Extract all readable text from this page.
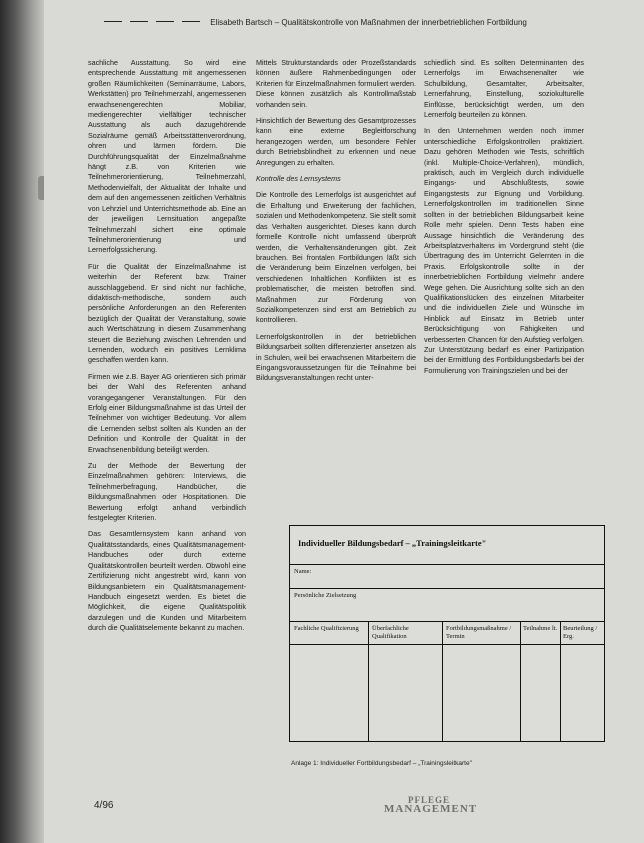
Elisabeth Bartsch – Qualitätskontrolle von Maßnahmen der innerbetrieblichen Fortbildung

sachliche Ausstattung. So wird eine entsprechende Ausstattung mit angemessenen großen Räumlichkeiten (Seminarräume, Labors, Werkstätten) pro Teilnehmerzahl, angemessenen erwachsenengerechten Mobiliar, mediengerechter vielfältiger technischer Ausstattung als auch dazugehörende Sozialräume gemäß Arbeitsstättenverordnung, ohren und lärmen fördern. Die Durchführungsqualität der Einzelmaßnahme hängt z.B. von Kriterien wie Teilnehmerorientierung, Teilnehmerzahl, Methodenvielfalt, der Aktualität der Inhalte und dem auf den angemessenen zeitlichen Verhältnis von Lehrziel und Unterrichtsmethode ab. Eine an der jeweiligen Lernsituation angepaßte Teilnehmerzahl sichert eine optimale Teilnehmerorientierung und Lernerfolgssicherung.

Für die Qualität der Einzelmaßnahme ist weiterhin der Referent bzw. Trainer ausschlaggebend. Er sind nicht nur fachliche, didaktisch-methodische, sondern auch persönliche Anforderungen an den Referenten bezüglich der Qualität der Veranstaltung, sowie auch Wertschätzung in diesem Zusammenhang steuert die Beziehung zwischen Lehrenden und Lernenden, wodurch ein positives Lernklima geschaffen werden kann.

Firmen wie z.B. Bayer AG orientieren sich primär bei der Wahl des Referenten anhand vorangegangener Veranstaltungen. Für den Erfolg einer Bildungsmaßnahme ist das Urteil der Teilnehmer von wichtiger Bedeutung. Vor allem die Lernenden selbst sollten als Kunden an der Definition und Kontrolle der Qualität in der Erwachsenenbildung beteiligt werden.

Zu der Methode der Bewertung der Einzelmaßnahmen gehören: Interviews, die Teilnehmerbefragung, Handbücher, die Bildungsmaßnahmen oder Hospitationen. Die Bewertung erfolgt anhand verbindlich festgelegter Kriterien.

Das Gesamtlernsystem kann anhand von Qualitätsstandards, eines Qualitätsmanagement-Handbuches oder durch externe Qualitätskontrollen beurteilt werden. Obwohl eine Zertifizierung nicht angestrebt wird, kann von Bildungsanbietern ein Qualitätsmanagement-Handbuch eingesetzt werden. Es bietet die Möglichkeit, die eigene Qualitätspolitik darzulegen und die Kunden und Mitarbeitern durch die Qualitätselemente bekannt zu machen.

Mittels Strukturstandards oder Prozeßstandards können äußere Rahmenbedingungen oder Kriterien für Einzelmaßnahmen formuliert werden. Diese können zusätzlich als Kontrollmaßstab vorhanden sein.

Hinsichtlich der Bewertung des Gesamtprozesses kann eine externe Begleitforschung herangezogen werden, um besondere Fehler durch Betriebsblindheit zu erkennen und neue Anregungen zu erhalten.

Kontrolle des Lernsystems

Die Kontrolle des Lernerfolgs ist ausgerichtet auf die Erhaltung und Erweiterung der fachlichen, sozialen und Methodenkompetenz. Sie stellt somit das Verhalten ausgerichtet. Dieses kann durch formelle Kontrolle nicht umfassend überprüft werden, die Verhaltensänderungen gibt. Zeit brauchen. Bei frontalen Fortbildungen läßt sich die Veränderung beim Einzelnen verfolgen, bei verschiedenen Inhaltlichen Konflikten ist es problematischer, die meisten betroffen sind. Maßnahmen zur Förderung von Sozialkompetenzen sind erst am Betrieblich zu kontrollieren.

Lernerfolgskontrollen in der betrieblichen Bildungsarbeit sollten differenzierter ansetzen als in Schulen, weil bei erwachsenen Mitarbeitern die Eingangsvoraussetzungen für die Teilnahme bei Bildungsveranstaltungen recht unter-

schiedlich sind. Es sollten Determinanten des Lernerfolgs im Erwachsenenalter wie Schulbildung, Gesamtalter, Arbeitsalter, Lernerfahrung, Einstellung, soziokulturelle Einflüsse, berücksichtigt werden, um den Lernerfolg beurteilen zu können.

In den Unternehmen werden noch immer unterschiedliche Erfolgskontrollen praktiziert. Dazu gehören Methoden wie Tests, schriftlich (inkl. Multiple-Choice-Verfahren), mündlich, praktisch, auch im Vergleich durch individuelle Eingangs- und Abschlußtests, sowie Eingangstests zur Eignung und Vorbildung. Lernerfolgskontrollen im traditionellen Sinne sollten in der betrieblichen Bildungsarbeit keine Rolle mehr spielen. Denn Tests haben eine Aussage hinsichtlich die Veränderung des Arbeitsplatzverhaltens im Vordergrund steht (die Übertragung des im Unterricht Gelernten in die Praxis. Erfolgskontrolle sollte in der innerbetrieblichen Fortbildung vielmehr andere Wege gehen. Die Ausrichtung sollte sich an den Qualifikationslücken des einzelnen Mitarbeiter und die individuellen Ziele und Wünsche im Hinblick auf Einsatz im Betrieb unter Berücksichtigung von Fähigkeiten und verbesserten Chancen für den Aufstieg verfolgen. Zur Unterstützung bedarf es einer Partizipation bei der Ermittlung des Fortbildungsbedarfs bei der Formulierung von Trainingszielen und bei der

Individueller Bildungsbedarf – „Trainingsleitkarte"
Name:
Persönliche Zielsetzung
Fachliche Qualifizierung	Überfachliche Qualifikation
Fortbildungsmaßnahme / Termin
Teilnahme lt. Beurteilung / Erg.
Anlage 1: Individueller Fortbildungsbedarf – „Trainingsleitkarte"
4/96	PFLEGE
MANAGEMENT
